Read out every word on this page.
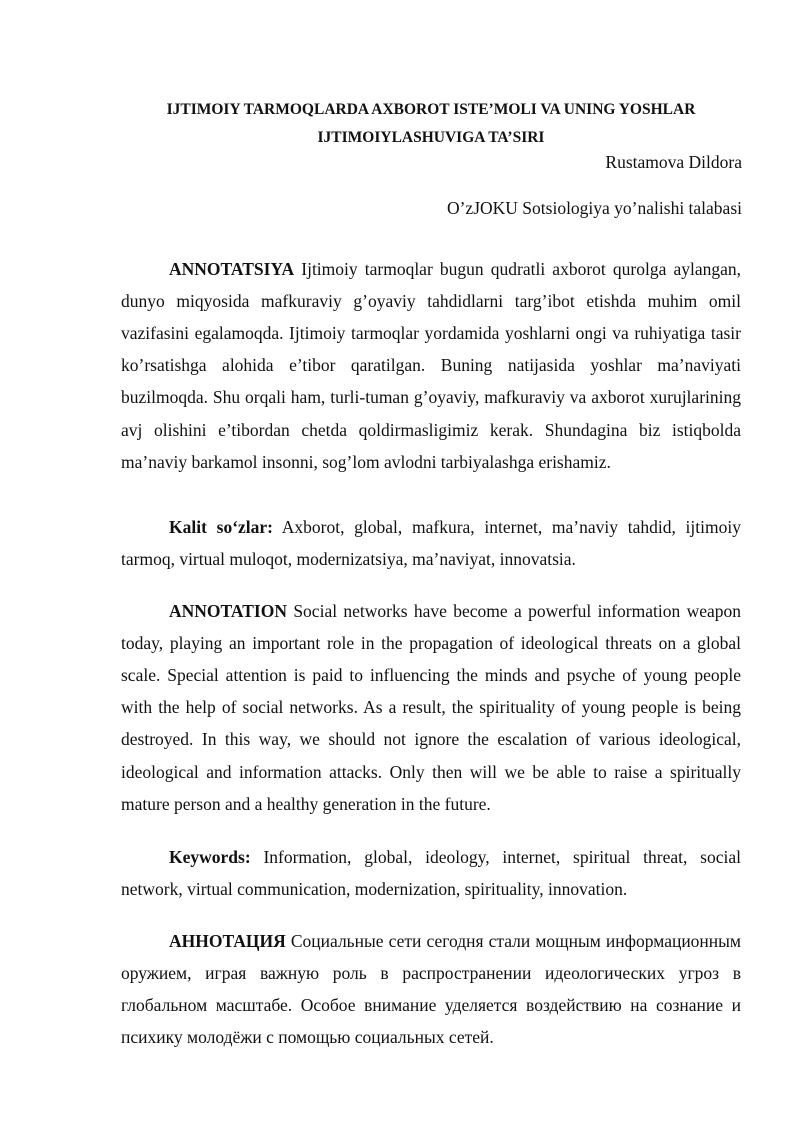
IJTIMOIY TARMOQLARDA AXBOROT ISTE’MOLI VA UNING YOSHLAR
IJTIMOIYLASHUVIGA TA’SIRI
Rustamova Dildora
O’zJOKU Sotsiologiya yo’nalishi talabasi

ANNOTATSIYA Ijtimoiy tarmoqlar bugun qudratli axborot qurolga aylangan, dunyo miqyosida mafkuraviy g’oyaviy tahdidlarni targ’ibot etishda muhim omil vazifasini egalamoqda. Ijtimoiy tarmoqlar yordamida yoshlarni ongi va ruhiyatiga tasir ko’rsatishga alohida e’tibor qaratilgan. Buning natijasida yoshlar ma’naviyati buzilmoqda. Shu orqali ham, turli-tuman g’oyaviy, mafkuraviy va axborot xurujlarining avj olishini e’tibordan chetda qoldirmasligimiz kerak. Shundagina biz istiqbolda ma’naviy barkamol insonni, sog’lom avlodni tarbiyalashga erishamiz.

Kalit so‘zlar: Axborot, global, mafkura, internet, ma’naviy tahdid, ijtimoiy tarmoq, virtual muloqot, modernizatsiya, ma’naviyat, innovatsia.

ANNOTATION Social networks have become a powerful information weapon today, playing an important role in the propagation of ideological threats on a global scale. Special attention is paid to influencing the minds and psyche of young people with the help of social networks. As a result, the spirituality of young people is being destroyed. In this way, we should not ignore the escalation of various ideological, ideological and information attacks. Only then will we be able to raise a spiritually mature person and a healthy generation in the future.

Keywords: Information, global, ideology, internet, spiritual threat, social network, virtual communication, modernization, spirituality, innovation.

АННОТАЦИЯ Социальные сети сегодня стали мощным информационным оружием, играя важную роль в распространении идеологических угроз в глобальном масштабе. Особое внимание уделяется воздействию на сознание и психику молодёжи с помощью социальных сетей.
